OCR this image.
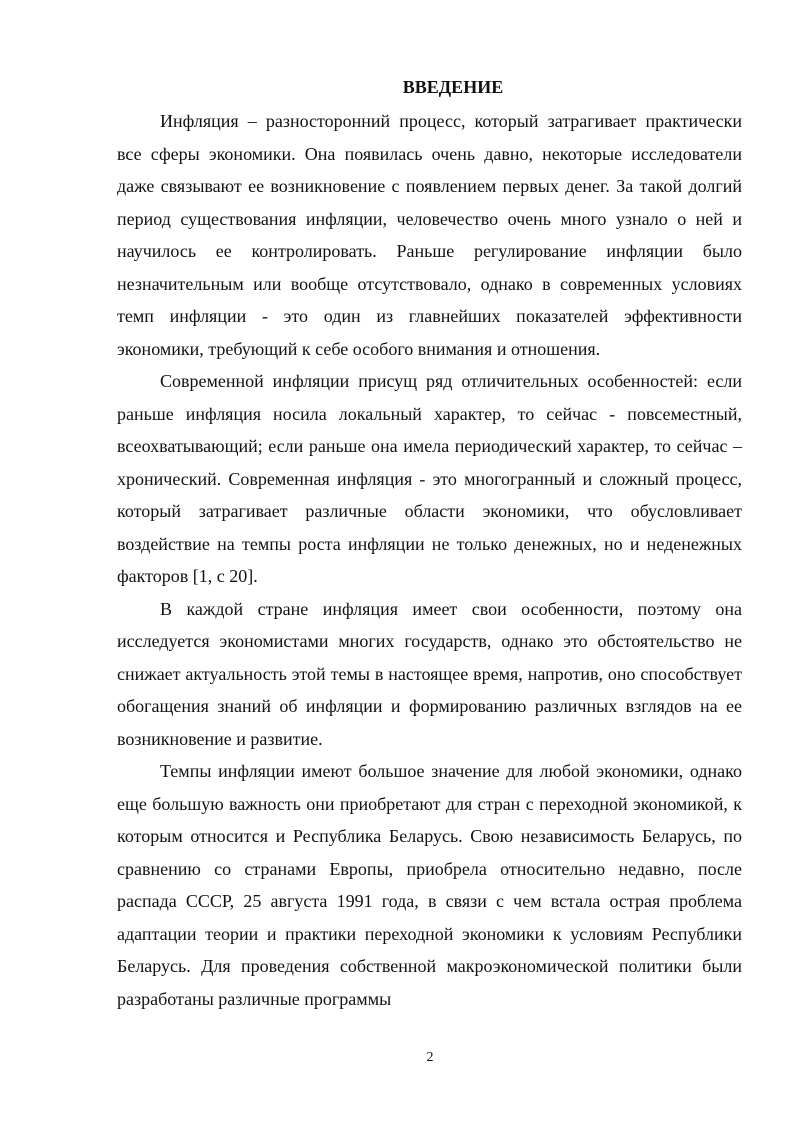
ВВЕДЕНИЕ

Инфляция – разносторонний процесс, который затрагивает практически все сферы экономики. Она появилась очень давно, некоторые исследователи даже связывают ее возникновение с появлением первых денег. За такой долгий период существования инфляции, человечество очень много узнало о ней и научилось ее контролировать. Раньше регулирование инфляции было незначительным или вообще отсутствовало, однако в современных условиях темп инфляции - это один из главнейших показателей эффективности экономики, требующий к себе особого внимания и отношения.

Современной инфляции присущ ряд отличительных особенностей: если раньше инфляция носила локальный характер, то сейчас - повсеместный, всеохватывающий; если раньше она имела периодический характер, то сейчас – хронический. Современная инфляция - это многогранный и сложный процесс, который затрагивает различные области экономики, что обусловливает воздействие на темпы роста инфляции не только денежных, но и неденежных факторов [1, с 20].

В каждой стране инфляция имеет свои особенности, поэтому она исследуется экономистами многих государств, однако это обстоятельство не снижает актуальность этой темы в настоящее время, напротив, оно способствует обогащения знаний об инфляции и формированию различных взглядов на ее возникновение и развитие.

Темпы инфляции имеют большое значение для любой экономики, однако еще большую важность они приобретают для стран с переходной экономикой, к которым относится и Республика Беларусь. Свою независимость Беларусь, по сравнению со странами Европы, приобрела относительно недавно, после распада СССР, 25 августа 1991 года, в связи с чем встала острая проблема адаптации теории и практики переходной экономики к условиям Республики Беларусь. Для проведения собственной макроэкономической политики были разработаны различные программы

2
